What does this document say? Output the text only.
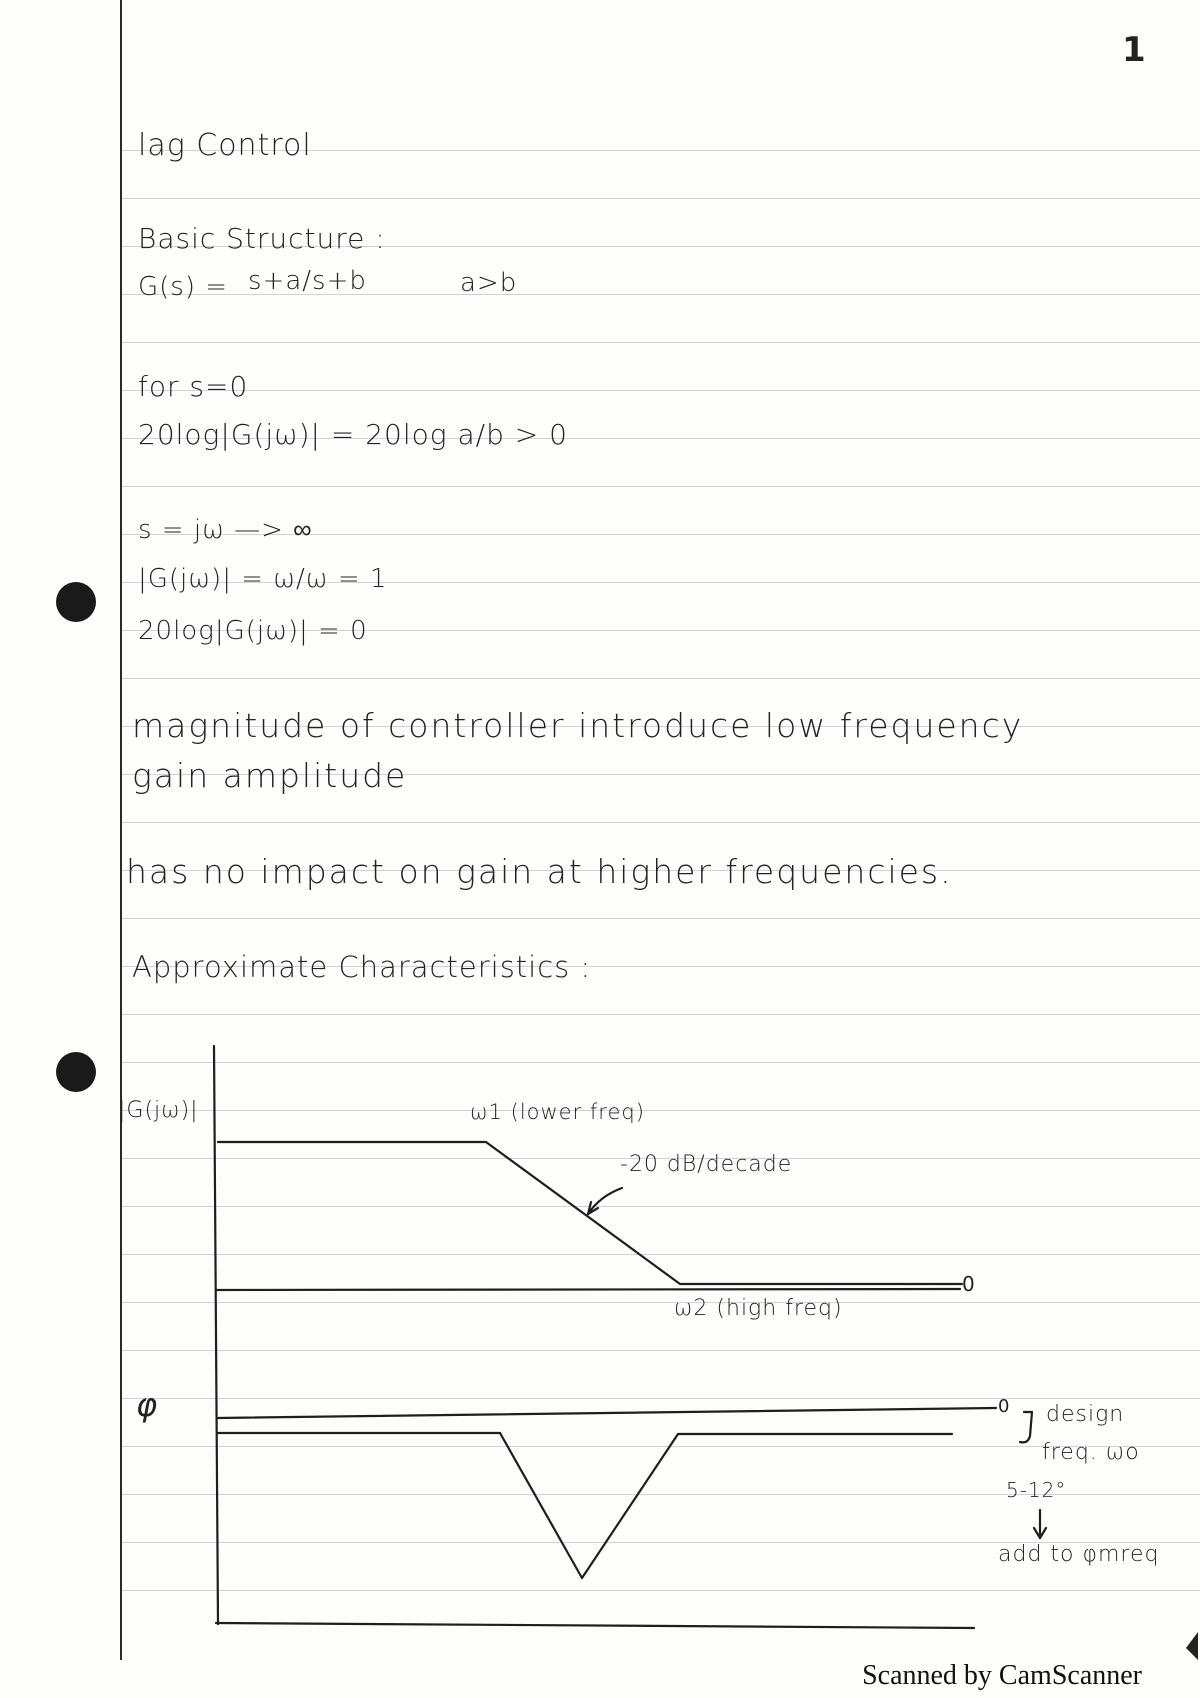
1
lag Control
Basic Structure :
G(s) = s+a/s+b	a>b
for s=0
20log|G(jω)| = 20log a/b > 0
s = jω —> ∞
|G(jω)| = ω/ω = 1
20log|G(jω)| = 0
magnitude of controller introduce low frequency
gain amplitude
has no impact on gain at higher frequencies.
Approximate Characteristics :
|G(jω)|	ω1 (lower freq)
-20 dB/decade
ω2 (high freq)
0
φ	0 design
freq. ωo
5-12°
add to φmreq
Scanned by CamScanner
